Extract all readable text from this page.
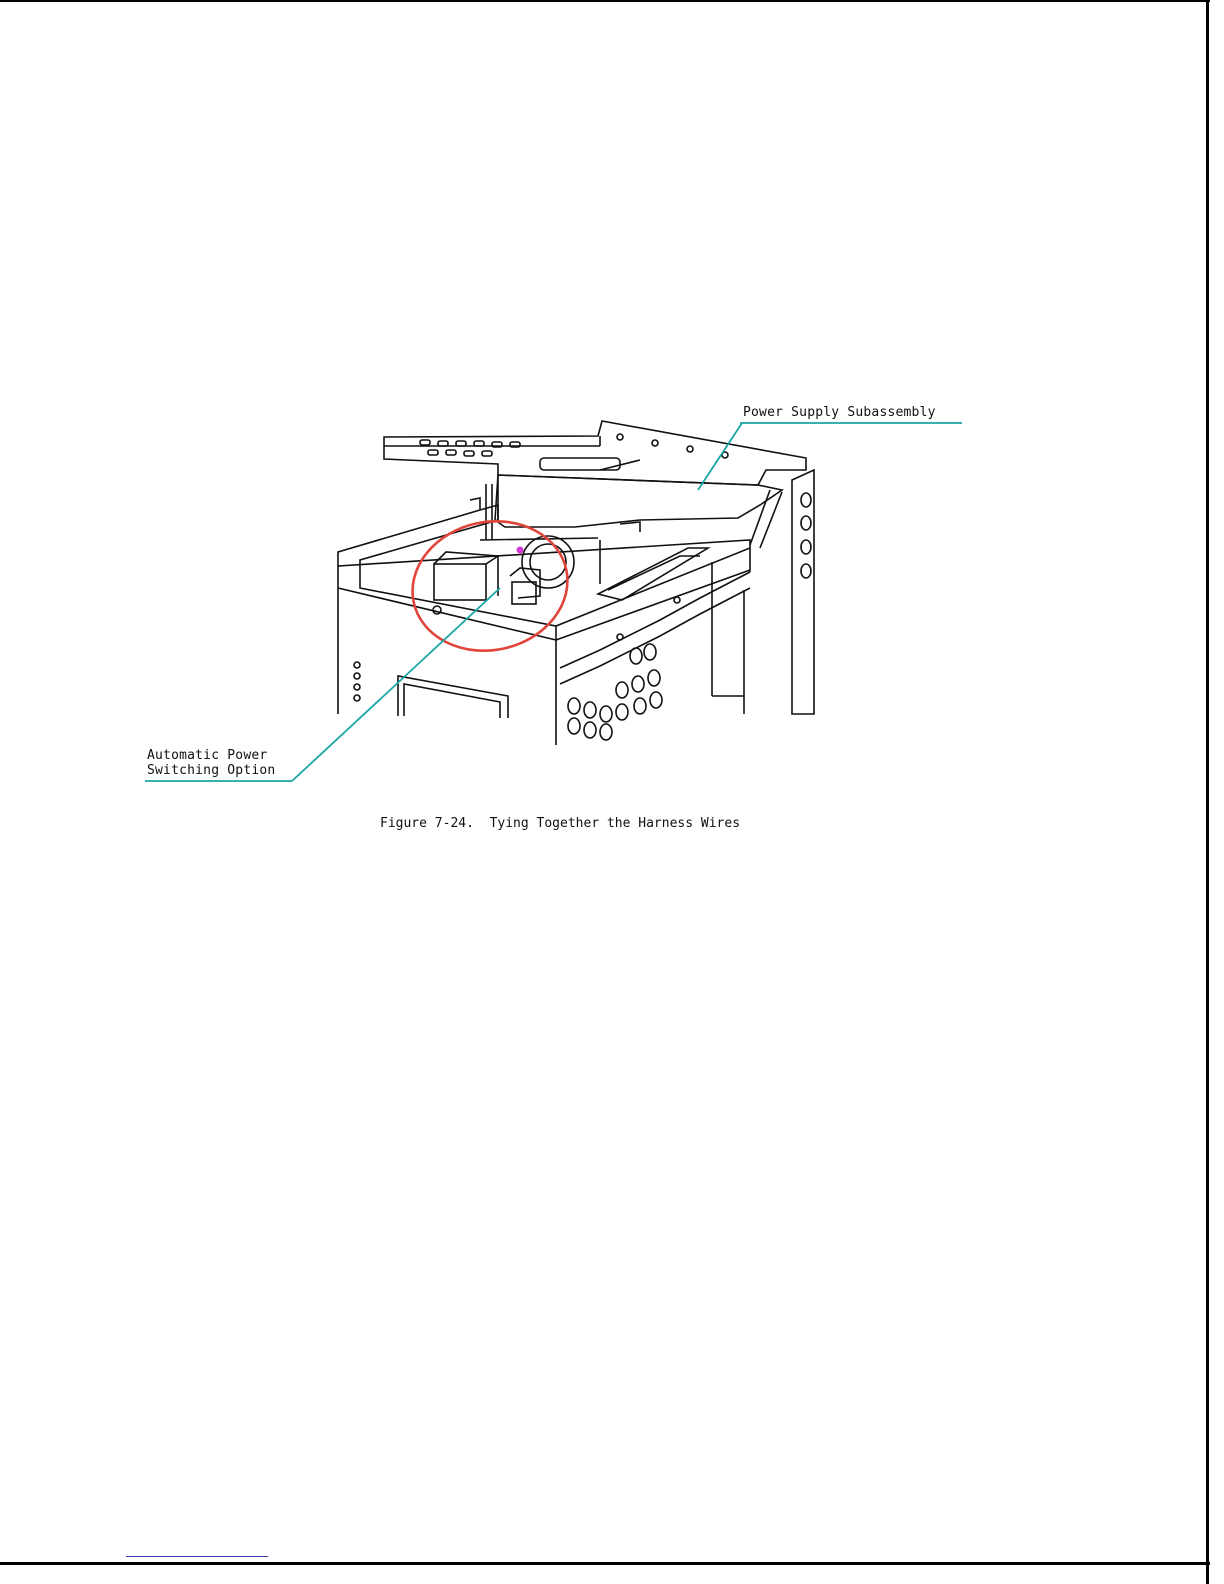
Power Supply Subassembly
Automatic Power
Switching Option
Figure 7-24.  Tying Together the Harness Wires
